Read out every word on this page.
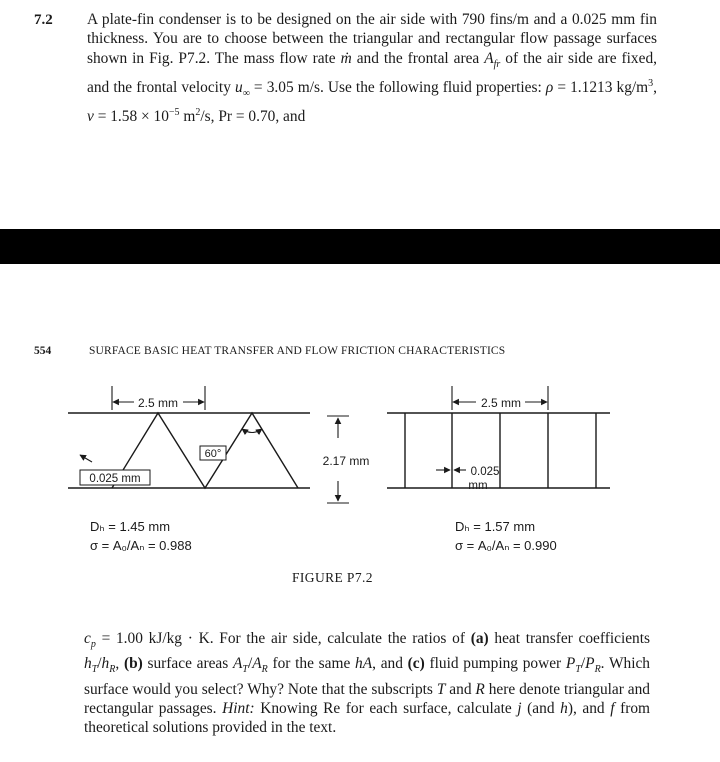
7.2 A plate-fin condenser is to be designed on the air side with 790 fins/m and a 0.025 mm fin thickness. You are to choose between the triangular and rectangular flow passage surfaces shown in Fig. P7.2. The mass flow rate ṁ and the frontal area $A_{fr}$ of the air side are fixed, and the frontal velocity $u_\infty = 3.05$ m/s. Use the following fluid properties: ρ = 1.1213 $kg/m^3$, $\nu = 1.58 \times 10^{-5}$ $m^2/s$, Pr = 0.70, and
554	SURFACE BASIC HEAT TRANSFER AND FLOW FRICTION CHARACTERISTICS
2.5 mm
60°
0.025 mm
2.17 mm
2.5 mm
0.025
mm
Dₕ = 1.45 mm
σ = A₀/Aₙ = 0.988
Dₕ = 1.57 mm
σ = A₀/Aₙ = 0.990
FIGURE P7.2
$c_p = 1.00$ kJ/kg · K. For the air side, calculate the ratios of (a) heat transfer coefficients $h_T/h_R$, (b) surface areas $A_T/A_R$ for the same hA, and (c) fluid pumping power $P_T/P_R$. Which surface would you select? Why? Note that the subscripts T and R here denote triangular and rectangular passages. Hint: Knowing Re for each surface, calculate j (and h), and f from theoretical solutions provided in the text.
